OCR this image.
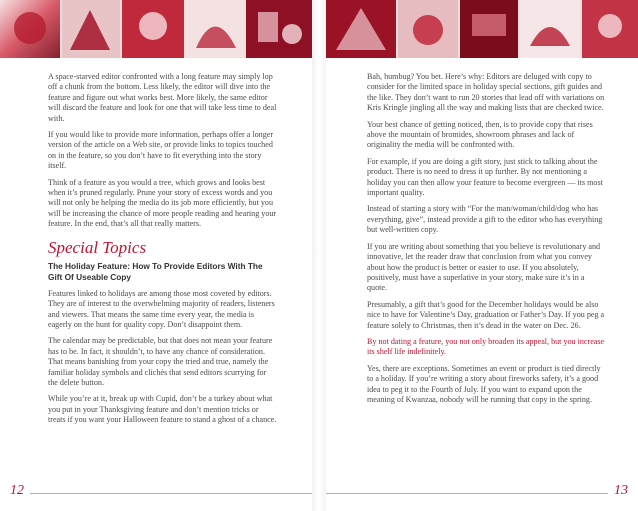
A space-starved editor confronted with a long feature may simply lop off a chunk from the bottom. Less likely, the editor will dive into the feature and figure out what works best. More likely, the same editor will discard the feature and look for one that will take less time to deal with.

If you would like to provide more information, perhaps offer a longer version of the article on a Web site, or provide links to topics touched on in the feature, so you don’t have to fit everything into the story itself.

Think of a feature as you would a tree, which grows and looks best when it’s pruned regularly. Prune your story of excess words and you will not only be helping the media do its job more efficiently, but you will be increasing the chance of more people reading and hearing your feature. In the end, that’s all that really matters.

Special Topics
The Holiday Feature: How To Provide Editors With The Gift Of Useable Copy

Features linked to holidays are among those most coveted by editors. They are of interest to the overwhelming majority of readers, listeners and viewers. That means the same time every year, the media is eagerly on the hunt for quality copy. Don’t disappoint them.

The calendar may be predictable, but that does not mean your feature has to be. In fact, it shouldn’t, to have any chance of consideration. That means banishing from your copy the tried and true, namely the familiar holiday symbols and clichés that send editors scurrying for the delete button.

While you’re at it, break up with Cupid, don’t be a turkey about what you put in your Thanksgiving feature and don’t mention tricks or treats if you want your Halloween feature to stand a ghost of a chance.

Bah, humbug? You bet. Here’s why: Editors are deluged with copy to consider for the limited space in holiday special sections, gift guides and the like. They don’t want to run 20 stories that lead off with variations on Kris Kringle jingling all the way and making lists that are checked twice.

Your best chance of getting noticed, then, is to provide copy that rises above the mountain of bromides, showroom phrases and lack of originality the media will be confronted with.

For example, if you are doing a gift story, just stick to talking about the product. There is no need to dress it up further. By not mentioning a holiday you can then allow your feature to become evergreen — its most important quality.

Instead of starting a story with “For the man/woman/child/dog who has everything, give”, instead provide a gift to the editor who has everything but well-written copy.

If you are writing about something that you believe is revolutionary and innovative, let the reader draw that conclusion from what you convey about how the product is better or easier to use. If you absolutely, positively, must have a superlative in your story, make sure it’s in a quote.

Presumably, a gift that’s good for the December holidays would be also nice to have for Valentine’s Day, graduation or Father’s Day. If you peg a feature solely to Christmas, then it’s dead in the water on Dec. 26.

By not dating a feature, you not only broaden its appeal, but you increase its shelf life indefinitely.

Yes, there are exceptions. Sometimes an event or product is tied directly to a holiday. If you’re writing a story about fireworks safety, it’s a good idea to peg it to the Fourth of July. If you want to expand upon the meaning of Kwanzaa, nobody will be running that copy in the spring.

12	13
